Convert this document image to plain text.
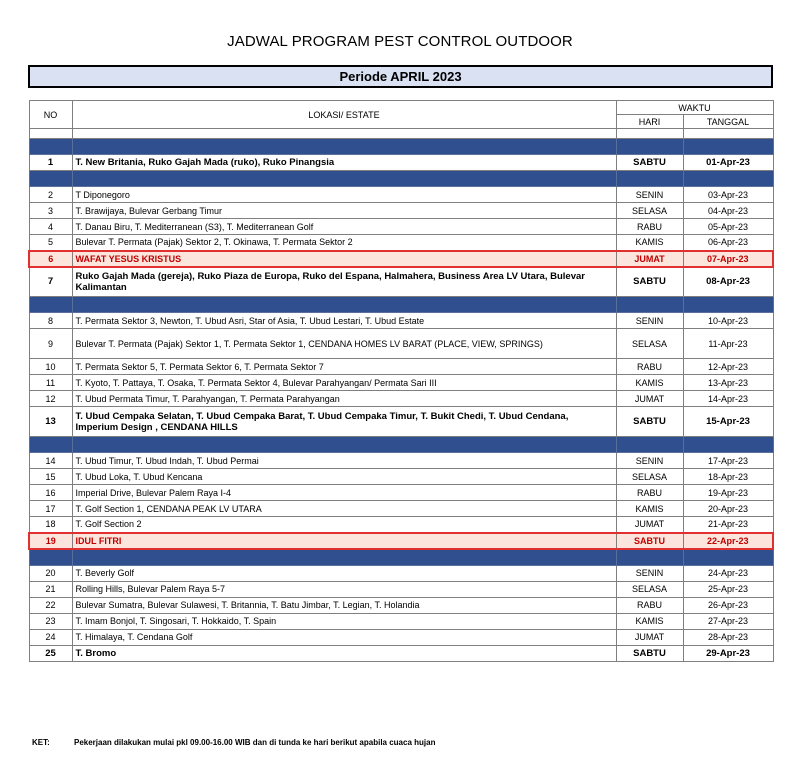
JADWAL PROGRAM PEST CONTROL OUTDOOR
Periode APRIL 2023
NO	LOKASI/ ESTATE	WAKTU	
		HARI	TANGGAL

1	T. New Britania, Ruko Gajah Mada (ruko), Ruko Pinangsia	SABTU	01-Apr-23

2	T Diponegoro	SENIN	03-Apr-23
3	T. Brawijaya, Bulevar Gerbang Timur	SELASA	04-Apr-23
4	T. Danau Biru, T. Mediterranean (S3), T. Mediterranean Golf	RABU	05-Apr-23
5	Bulevar T. Permata (Pajak) Sektor 2, T. Okinawa, T. Permata Sektor 2	KAMIS	06-Apr-23
6	WAFAT YESUS KRISTUS	JUMAT	07-Apr-23
7	Ruko Gajah Mada (gereja), Ruko Piaza de Europa, Ruko del Espana, Halmahera, Business Area LV Utara, Bulevar Kalimantan	SABTU	08-Apr-23

8	T. Permata Sektor 3, Newton, T. Ubud Asri, Star of Asia, T. Ubud Lestari, T. Ubud Estate	SENIN	10-Apr-23
9	Bulevar T. Permata (Pajak) Sektor 1, T. Permata Sektor 1, CENDANA HOMES LV BARAT (PLACE, VIEW, SPRINGS)	SELASA	11-Apr-23
10	T. Permata Sektor 5, T. Permata Sektor 6, T. Permata Sektor 7	RABU	12-Apr-23
11	T. Kyoto, T. Pattaya, T. Osaka, T. Permata Sektor 4, Bulevar Parahyangan/ Permata Sari III	KAMIS	13-Apr-23
12	T. Ubud Permata Timur, T. Parahyangan, T. Permata Parahyangan	JUMAT	14-Apr-23
13	T. Ubud Cempaka Selatan, T. Ubud Cempaka Barat, T. Ubud Cempaka Timur, T. Bukit Chedi, T. Ubud Cendana, Imperium Design , CENDANA HILLS	SABTU	15-Apr-23

14	T. Ubud Timur, T. Ubud Indah, T. Ubud Permai	SENIN	17-Apr-23
15	T. Ubud Loka, T. Ubud Kencana	SELASA	18-Apr-23
16	Imperial Drive, Bulevar Palem Raya I-4	RABU	19-Apr-23
17	T. Golf Section 1, CENDANA PEAK LV UTARA	KAMIS	20-Apr-23
18	T. Golf Section 2	JUMAT	21-Apr-23
19	IDUL FITRI	SABTU	22-Apr-23

20	T. Beverly Golf	SENIN	24-Apr-23
21	Rolling Hills, Bulevar Palem Raya 5-7	SELASA	25-Apr-23
22	Bulevar Sumatra, Bulevar Sulawesi, T. Britannia, T. Batu Jimbar, T. Legian, T. Holandia	RABU	26-Apr-23
23	T. Imam Bonjol, T. Singosari, T. Hokkaido, T. Spain	KAMIS	27-Apr-23
24	T. Himalaya, T. Cendana Golf	JUMAT	28-Apr-23
25	T. Bromo	SABTU	29-Apr-23
KET:	Pekerjaan dilakukan mulai pkl 09.00-16.00 WIB dan di tunda ke hari berikut apabila cuaca hujan
